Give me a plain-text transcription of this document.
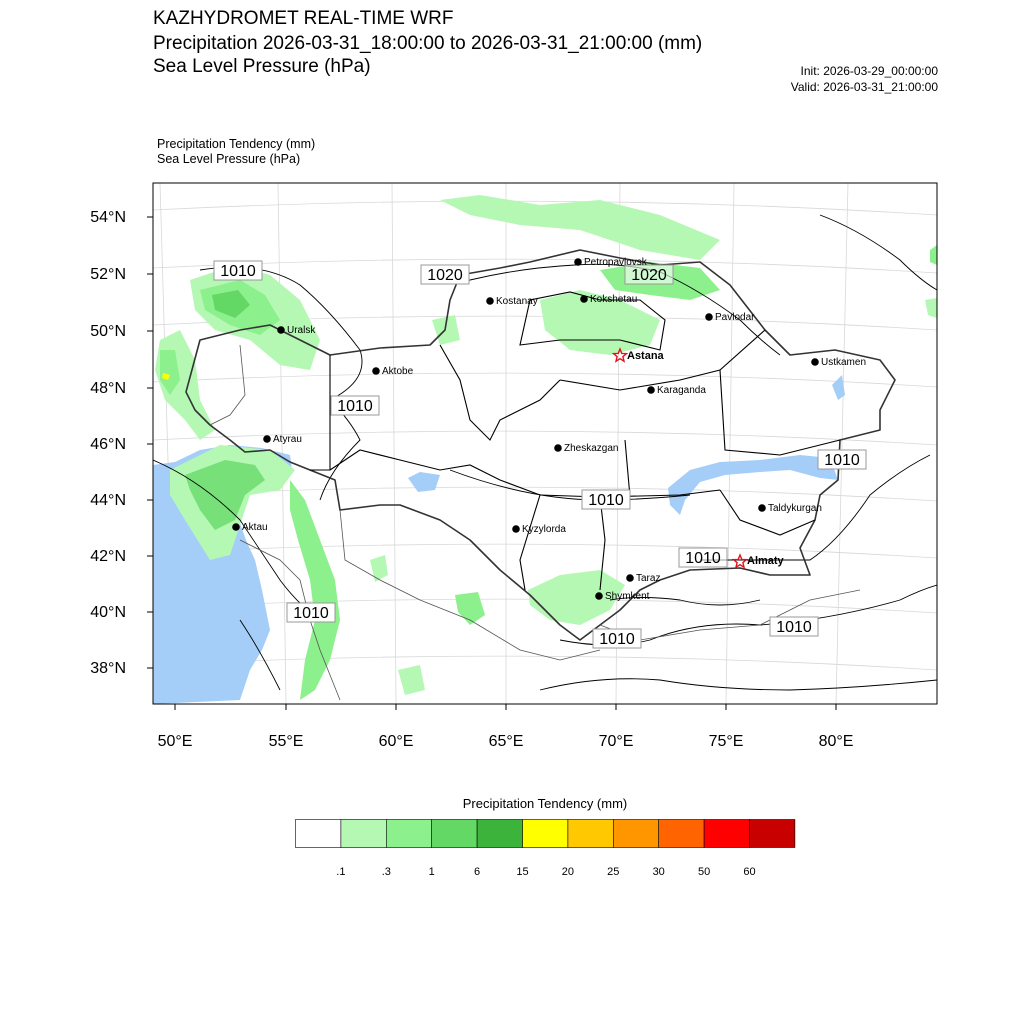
KAZHYDROMET REAL-TIME WRF
Precipitation 2026-03-31_18:00:00 to 2026-03-31_21:00:00 (mm)
Sea Level Pressure (hPa)	Init: 2026-03-29_00:00:00
Valid: 2026-03-31_21:00:00
Precipitation Tendency (mm)
Sea Level Pressure (hPa)
54°N
52°N
50°N
48°N
46°N
44°N
42°N
40°N
38°N
50°E	55°E	60°E	65°E	70°E	75°E	80°E
1010	1020	1020
1010
1010
1010
1010
1010
1010
1010
Petropavlovsk
Kostanay	Kokshetau
Pavlodar
Uralsk
Astana
Aktobe
Ustkamen
Karaganda
Atyrau
Zheskazgan
Aktau	Kyzylorda
Taldykurgan
Almaty
Taraz
Shymkent
Precipitation Tendency (mm)
.1	.3	1	6	15	20	25	30	50	60
